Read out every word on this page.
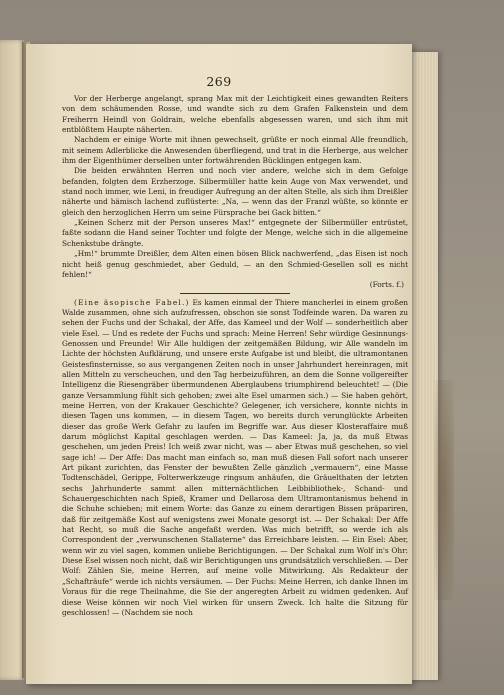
269

Vor der Herberge angelangt, sprang Max mit der Leichtigkeit eines gewandten Reiters von dem schäumenden Rosse, und wandte sich zu dem Grafen Falkenstein und dem Freiherrn Heindl von Goldrain, welche ebenfalls abgesessen waren, und sich ihm mit entblößtem Haupte näherten.

Nachdem er einige Worte mit ihnen gewechselt, grüßte er noch einmal Alle freundlich, mit seinem Adlerblicke die Anwesenden überfliegend, und trat in die Herberge, aus welcher ihm der Eigenthümer derselben unter fortwährenden Bücklingen entgegen kam.

Die beiden erwähnten Herren und noch vier andere, welche sich in dem Gefolge befanden, folgten dem Erzherzoge. Silbermüller hatte kein Auge von Max verwendet, und stand noch immer, wie Leni, in freudiger Aufregung an der alten Stelle, als sich ihm Dreißler näherte und hämisch lachend zuflüsterte: „Na, — wenn das der Franzl wüßte, so könnte er gleich den herzoglichen Herrn um seine Fürsprache bei Gack bitten.“

„Keinen Scherz mit der Person unseres Max!“ entgegnete der Silbermüller entrüstet, faßte sodann die Hand seiner Tochter und folgte der Menge, welche sich in die allgemeine Schenkstube drängte.

„Hm!“ brummte Dreißler, dem Alten einen bösen Blick nachwerfend, „das Eisen ist noch nicht heiß genug geschmiedet, aber Geduld, — an den Schmied-Gesellen soll es nicht fehlen!“

(Forts. f.)

(Eine äsopische Fabel.) Es kamen einmal der Thiere mancherlei in einem großen Walde zusammen, ohne sich aufzufressen, obschon sie sonst Todfeinde waren. Da waren zu sehen der Fuchs und der Schakal, der Affe, das Kameel und der Wolf — sonderheitlich aber viele Esel. — Und es redete der Fuchs und sprach: Meine Herren! Sehr würdige Gesinnungs-Genossen und Freunde! Wir Alle huldigen der zeitgemäßen Bildung, wir Alle wandeln im Lichte der höchsten Aufklärung, und unsere erste Aufgabe ist und bleibt, die ultramontanen Geistesfinsternisse, so aus vergangenen Zeiten noch in unser Jahrhundert hereinragen, mit allen Mitteln zu verscheuchen, und den Tag herbeizuführen, an dem die Sonne vollgereifter Intelligenz die Riesengräber übermundenen Aberglaubens triumphirend beleuchtet! — (Die ganze Versammlung fühlt sich gehoben; zwei alte Esel umarmen sich.) — Sie haben gehört, meine Herren, von der Krakauer Geschichte? Gelegener, ich versichere, konnte nichts in diesen Tagen uns kommen, — in diesem Tagen, wo bereits durch verunglückte Arbeiten dieser das große Werk Gefahr zu laufen im Begriffe war. Aus dieser Klosteraffaire muß darum möglichst Kapital geschlagen werden. — Das Kameel: Ja, ja, da muß Etwas geschehen, um jeden Preis! Ich weiß zwar nicht, was — aber Etwas muß geschehen, so viel sage ich! — Der Affe: Das macht man einfach so, man muß diesen Fall sofort nach unserer Art pikant zurichten, das Fenster der bewußten Zelle gänzlich „vermauern“, eine Masse Todtenschädel, Gerippe, Folterwerkzeuge ringsum anhäufen, die Gräuelthaten der letzten sechs Jahrhunderte sammt allen mitternächtlichen Leibbibliothek-, Schand- und Schauergeschichten nach Spieß, Kramer und Dellarosa dem Ultramontanismus behend in die Schuhe schieben; mit einem Worte: das Ganze zu einem derartigen Bissen präpariren, daß für zeitgemäße Kost auf wenigstens zwei Monate gesorgt ist. — Der Schakal: Der Affe hat Recht, so muß die Sache angefaßt werden. Was mich betrifft, so werde ich als Correspondent der „verwunschenen Stallaterne“ das Erreichbare leisten. — Ein Esel: Aber, wenn wir zu viel sagen, kommen unliebe Berichtigungen. — Der Schakal zum Wolf in's Ohr: Diese Esel wissen noch nicht, daß wir Berichtigungen uns grundsätzlich verschließen. — Der Wolf: Zählen Sie, meine Herren, auf meine volle Mitwirkung. Als Redakteur der „Schafträufe“ werde ich nichts versäumen. — Der Fuchs: Meine Herren, ich danke Ihnen im Voraus für die rege Theilnahme, die Sie der angeregten Arbeit zu widmen gedenken. Auf diese Weise können wir noch Viel wirken für unsern Zweck. Ich halte die Sitzung für geschlossen! — (Nachdem sie noch
